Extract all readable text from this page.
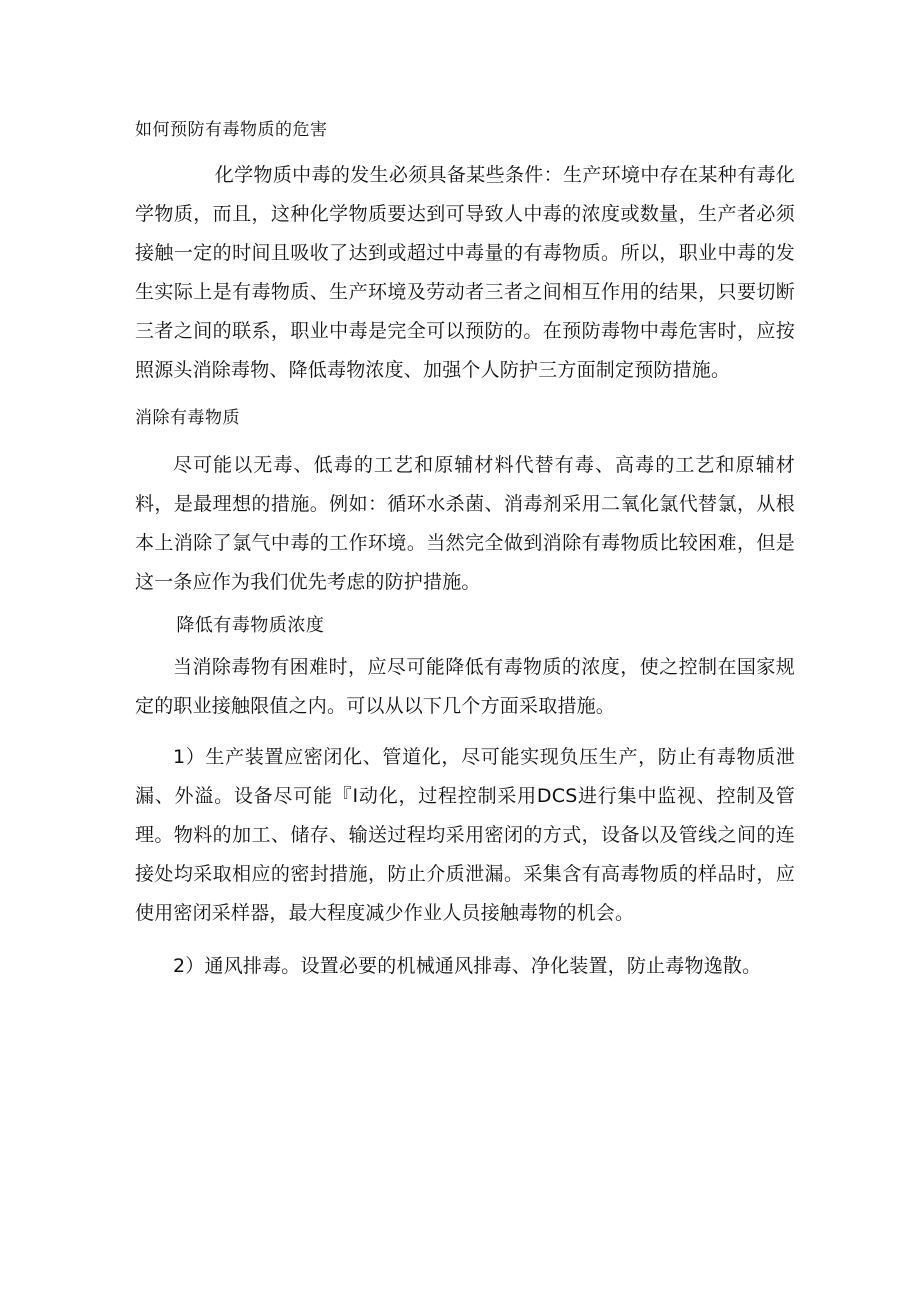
如何预防有毒物质的危害

化学物质中毒的发生必须具备某些条件：生产环境中存在某种有毒化学物质，而且，这种化学物质要达到可导致人中毒的浓度或数量，生产者必须接触一定的时间且吸收了达到或超过中毒量的有毒物质。所以，职业中毒的发生实际上是有毒物质、生产环境及劳动者三者之间相互作用的结果，只要切断三者之间的联系，职业中毒是完全可以预防的。在预防毒物中毒危害时，应按照源头消除毒物、降低毒物浓度、加强个人防护三方面制定预防措施。

消除有毒物质

尽可能以无毒、低毒的工艺和原辅材料代替有毒、高毒的工艺和原辅材料，是最理想的措施。例如：循环水杀菌、消毒剂采用二氧化氯代替氯，从根本上消除了氯气中毒的工作环境。当然完全做到消除有毒物质比较困难，但是这一条应作为我们优先考虑的防护措施。

降低有毒物质浓度

当消除毒物有困难时，应尽可能降低有毒物质的浓度，使之控制在国家规定的职业接触限值之内。可以从以下几个方面采取措施。

1）生产装置应密闭化、管道化，尽可能实现负压生产，防止有毒物质泄漏、外溢。设备尽可能『I动化，过程控制采用DCS进行集中监视、控制及管理。物料的加工、储存、输送过程均采用密闭的方式，设备以及管线之间的连接处均采取相应的密封措施，防止介质泄漏。采集含有高毒物质的样品时，应使用密闭采样器，最大程度减少作业人员接触毒物的机会。

2）通风排毒。设置必要的机械通风排毒、净化装置，防止毒物逸散。
